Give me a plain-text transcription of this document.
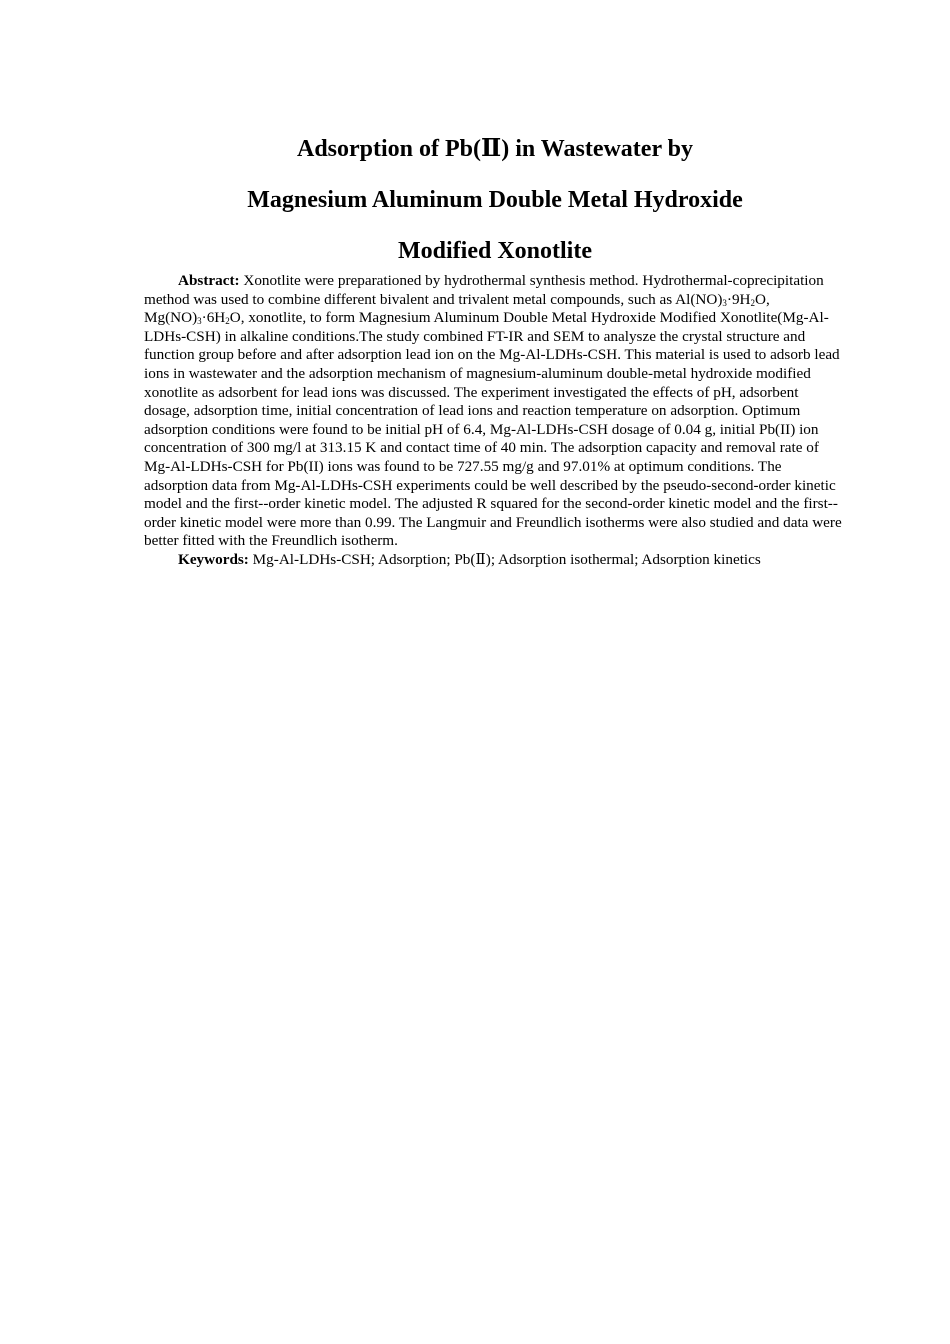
Adsorption of Pb(Ⅱ) in Wastewater by
Magnesium Aluminum Double Metal Hydroxide
Modified Xonotlite

Abstract: Xonotlite were preparationed by hydrothermal synthesis method. Hydrothermal-coprecipitation method was used to combine different bivalent and trivalent metal compounds, such as $Al(NO)_3\cdot 9H_2O$, $Mg(NO)_3\cdot 6H_2O$, xonotlite, to form Magnesium Aluminum Double Metal Hydroxide Modified Xonotlite(Mg-Al-LDHs-CSH) in alkaline conditions.The study combined FT-IR and SEM to analysze the crystal structure and function group before and after adsorption lead ion on the Mg-Al-LDHs-CSH. This material is used to adsorb lead ions in wastewater and the adsorption mechanism of magnesium-aluminum double-metal hydroxide modified xonotlite as adsorbent for lead ions was discussed. The experiment investigated the effects of pH, adsorbent dosage, adsorption time, initial concentration of lead ions and reaction temperature on adsorption. Optimum adsorption conditions were found to be initial pH of 6.4, Mg-Al-LDHs-CSH dosage of 0.04 g, initial Pb(II) ion concentration of 300 mg/l at 313.15 K and contact time of 40 min. The adsorption capacity and removal rate of Mg-Al-LDHs-CSH for Pb(II) ions was found to be 727.55 mg/g and 97.01% at optimum conditions. The adsorption data from Mg-Al-LDHs-CSH experiments could be well described by the pseudo-second-order kinetic model and the first--order kinetic model. The adjusted R squared for the second-order kinetic model and the first--order kinetic model were more than 0.99. The Langmuir and Freundlich isotherms were also studied and data were better fitted with the Freundlich isotherm.

Keywords: Mg-Al-LDHs-CSH; Adsorption; Pb(Ⅱ); Adsorption isothermal; Adsorption kinetics
